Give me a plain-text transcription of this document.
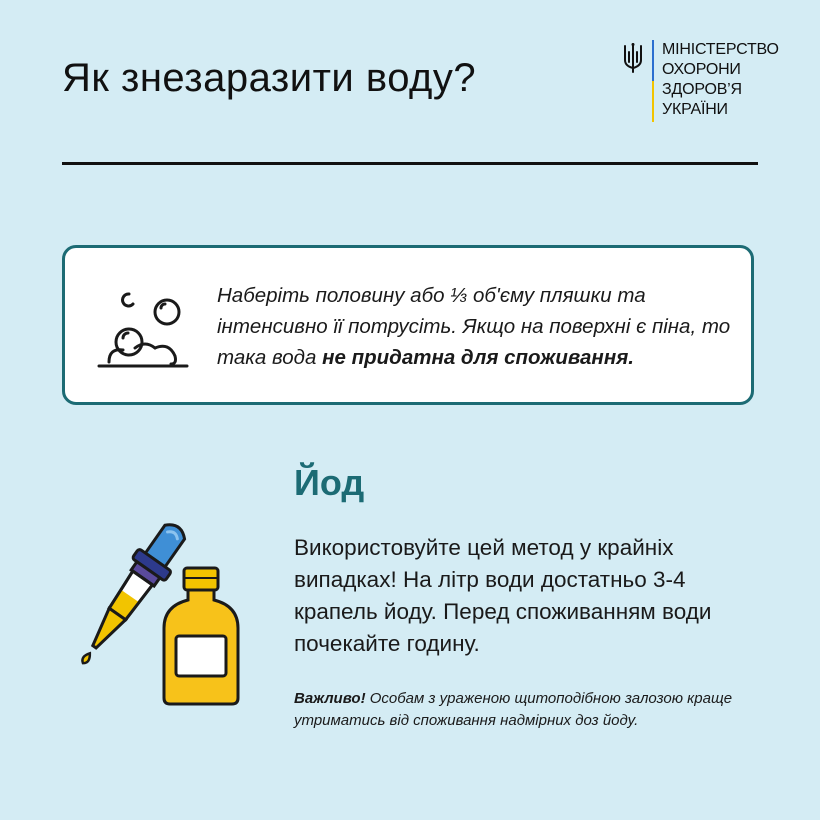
Як знезаразити воду?
МІНІСТЕРСТВО
ОХОРОНИ
ЗДОРОВ’Я
УКРАЇНИ
Наберіть половину або ⅓ об'єму пляшки та інтенсивно її потрусіть. Якщо на поверхні є піна, то така вода не придатна для споживання.
Йод
Використовуйте цей метод у крайніх випадках! На літр води достатньо 3-4 крапель йоду. Перед споживанням води почекайте годину.
Важливо! Особам з ураженою щитоподібною залозою краще утриматись від споживання надмірних доз йоду.
